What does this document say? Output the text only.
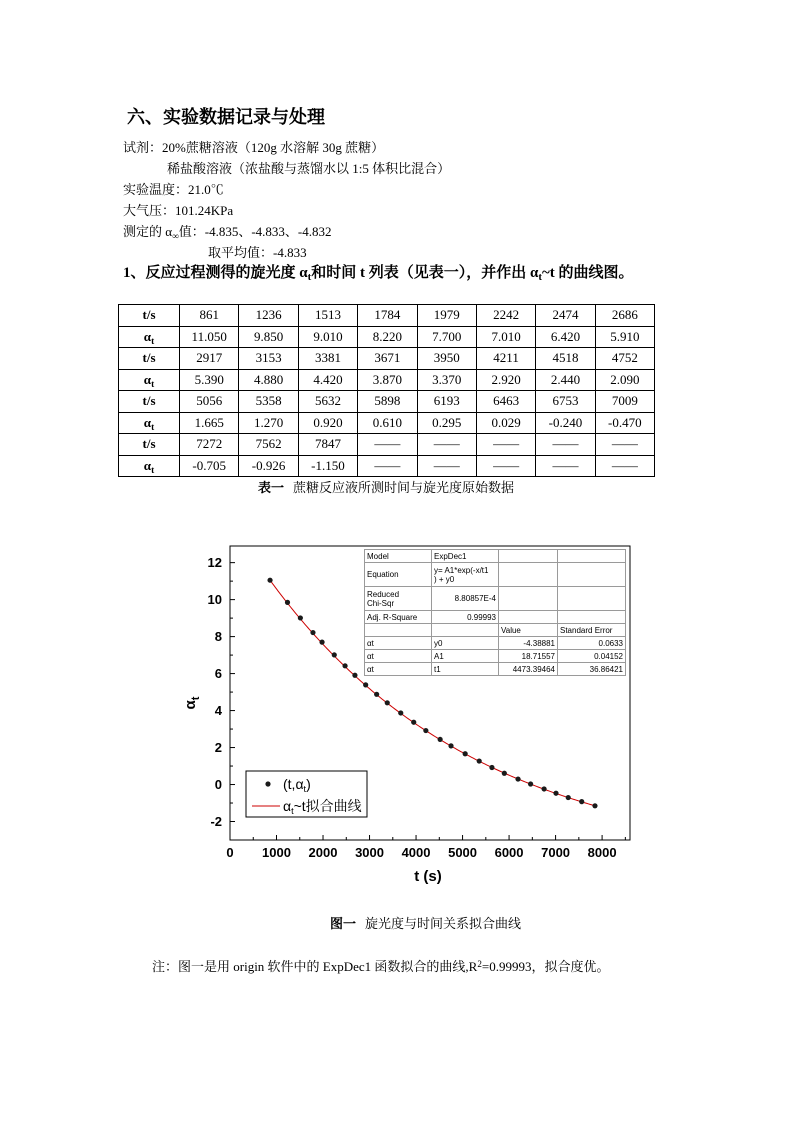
六、实验数据记录与处理
试剂：20%蔗糖溶液（120g 水溶解 30g 蔗糖）
稀盐酸溶液（浓盐酸与蒸馏水以 1:5 体积比混合）
实验温度：21.0℃
大气压：101.24KPa
测定的 $\alpha_\infty$值：-4.835、-4.833、-4.832
取平均值：-4.833
1、反应过程测得的旋光度 $\alpha_t$和时间 t 列表（见表一），并作出 $\alpha_t\sim t$ 的曲线图。
t/s	861	1236	1513	1784	1979	2242	2474	2686
$\alpha_t$	11.050	9.850	9.010	8.220	7.700	7.010	6.420	5.910
t/s	2917	3153	3381	3671	3950	4211	4518	4752
$\alpha_t$	5.390	4.880	4.420	3.870	3.370	2.920	2.440	2.090
t/s	5056	5358	5632	5898	6193	6463	6753	7009
$\alpha_t$	1.665	1.270	0.920	0.610	0.295	0.029	-0.240	-0.470
t/s	7272	7562	7847	——	——	——	——	——
$\alpha_t$	-0.705	-0.926	-1.150	——	——	——	——	——
表一 蔗糖反应液所测时间与旋光度原始数据
0 1000 2000 3000 4000 5000 6000 7000 8000
-2
0
2
4
6
8
10
12
t (s)
$\alpha_t$
$(t,\alpha_t)$
$\alpha_t\sim t$拟合曲线
Model	ExpDec1		
Equation	y= A1*exp(-x/t1
) + y0		
Reduced
Chi-Sqr	8.80857E-4		
Adj. R-Square	0.99993		
		Value	Standard Error
αt	y0	-4.38881	0.0633
αt	A1	18.71557	0.04152
αt	t1	4473.39464	36.86421
图一 旋光度与时间关系拟合曲线
注：图一是用 origin 软件中的 ExpDec1 函数拟合的曲线$,R^2=0.99993$，拟合度优。
